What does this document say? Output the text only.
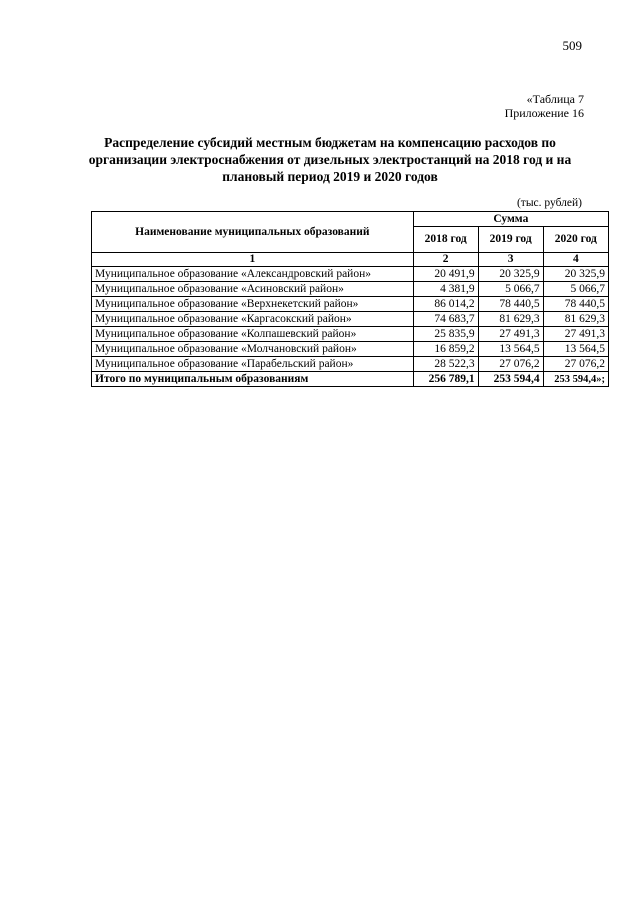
509
«Таблица 7
Приложение 16
Распределение субсидий местным бюджетам на компенсацию расходов по организации электроснабжения от дизельных электростанций на 2018 год и на плановый период 2019 и 2020 годов
(тыс. рублей)
Наименование муниципальных образований	Сумма		
	2018 год	2019 год	2020 год
1	2	3	4
Муниципальное образование «Александровский район»	20 491,9	20 325,9	20 325,9
Муниципальное образование «Асиновский район»	4 381,9	5 066,7	5 066,7
Муниципальное образование «Верхнекетский район»	86 014,2	78 440,5	78 440,5
Муниципальное образование «Каргасокский район»	74 683,7	81 629,3	81 629,3
Муниципальное образование «Колпашевский район»	25 835,9	27 491,3	27 491,3
Муниципальное образование «Молчановский район»	16 859,2	13 564,5	13 564,5
Муниципальное образование «Парабельский район»	28 522,3	27 076,2	27 076,2
Итого по муниципальным образованиям	256 789,1	253 594,4	253 594,4»;
